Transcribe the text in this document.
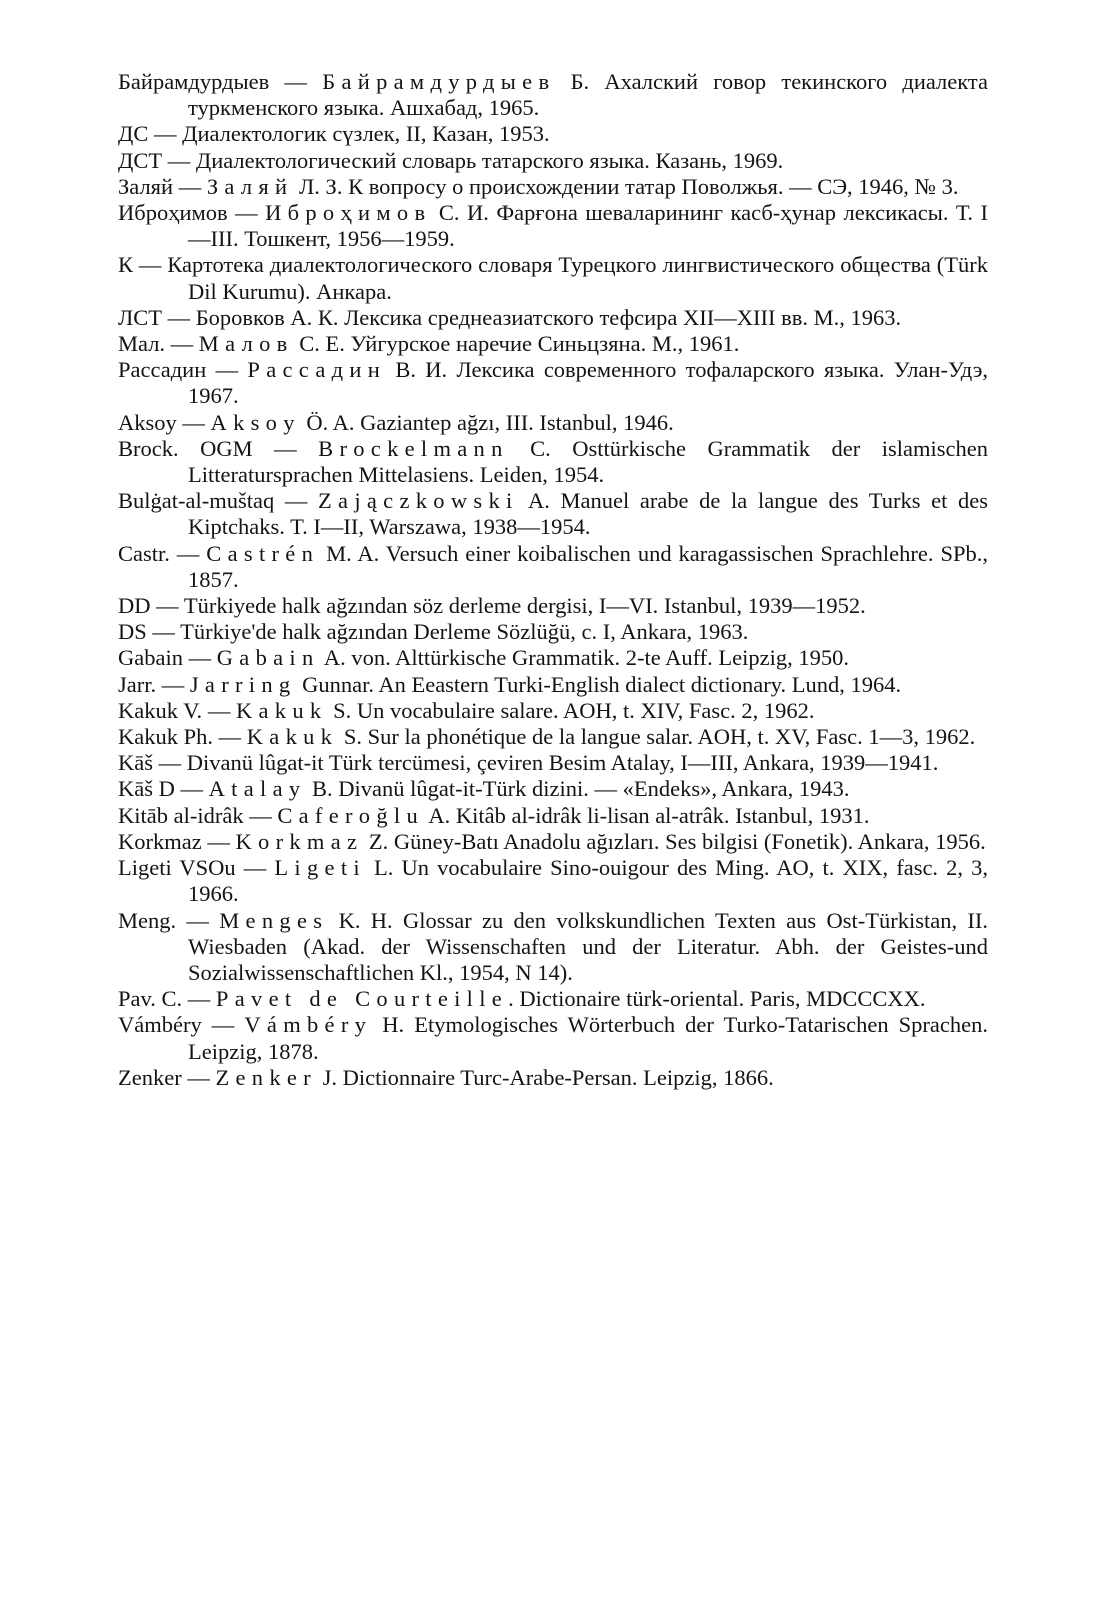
Байрамдурдыев — Байрамдурдыев Б. Ахалский говор текинского диалекта туркменского языка. Ашхабад, 1965.
ДС — Диалектологик сүзлек, II, Казан, 1953.
ДСТ — Диалектологический словарь татарского языка. Казань, 1969.
Заляй — Заляй Л. З. К вопросу о происхождении татар Поволжья. — СЭ, 1946, № 3.
Иброҳимов — Иброҳимов С. И. Фарғона шеваларининг касб-ҳунар лексикасы. Т. I—III. Тошкент, 1956—1959.
К — Картотека диалектологического словаря Турецкого лингвистического общества (Türk Dil Kurumu). Анкара.
ЛСТ — Боровков А. К. Лексика среднеазиатского тефсира XII—XIII вв. М., 1963.
Мал. — Малов С. Е. Уйгурское наречие Синьцзяна. М., 1961.
Рассадин — Рассадин В. И. Лексика современного тофаларского языка. Улан-Удэ, 1967.
Aksoy — Aksoy Ö. A. Gaziantep ağzı, III. Istanbul, 1946.
Brock. OGM — Brockelmann C. Osttürkische Grammatik der islamischen Litteratursprachen Mittelasiens. Leiden, 1954.
Bulġat-al-muštaq — Zajączkowski A. Manuel arabe de la langue des Turks et des Kiptchaks. T. I—II, Warszawa, 1938—1954.
Castr. — Castrén M. A. Versuch einer koibalischen und karagassischen Sprachlehre. SPb., 1857.
DD — Türkiyede halk ağzından söz derleme dergisi, I—VI. Istanbul, 1939—1952.
DS — Türkiye'de halk ağzından Derleme Sözlüğü, c. I, Ankara, 1963.
Gabain — Gabain A. von. Alttürkische Grammatik. 2-te Auff. Leipzig, 1950.
Jarr. — Jarring Gunnar. An Eeastern Turki-English dialect dictionary. Lund, 1964.
Kakuk V. — Kakuk S. Un vocabulaire salare. AOH, t. XIV, Fasc. 2, 1962.
Kakuk Ph. — Kakuk S. Sur la phonétique de la langue salar. AOH, t. XV, Fasc. 1—3, 1962.
Kāš — Divanü lûgat-it Türk tercümesi, çeviren Besim Atalay, I—III, Ankara, 1939—1941.
Kāš D — Atalay B. Divanü lûgat-it-Türk dizini. — «Endeks», Ankara, 1943.
Kitāb al-idrâk — Caferoğlu A. Kitâb al-idrâk li-lisan al-atrâk. Istanbul, 1931.
Korkmaz — Korkmaz Z. Güney-Batı Anadolu ağızları. Ses bilgisi (Fonetik). Ankara, 1956.
Ligeti VSOu — Ligeti L. Un vocabulaire Sino-ouigour des Ming. AO, t. XIX, fasc. 2, 3, 1966.
Meng. — Menges K. H. Glossar zu den volkskundlichen Texten aus Ost-Türkistan, II. Wiesbaden (Akad. der Wissenschaften und der Literatur. Abh. der Geistes-und Sozialwissenschaftlichen Kl., 1954, N 14).
Pav. C. — Pavet de Courteille. Dictionaire türk-oriental. Paris, MDCCCXX.
Vámbéry — Vámbéry H. Etymologisches Wörterbuch der Turko-Tatarischen Sprachen. Leipzig, 1878.
Zenker — Zenker J. Dictionnaire Turc-Arabe-Persan. Leipzig, 1866.
